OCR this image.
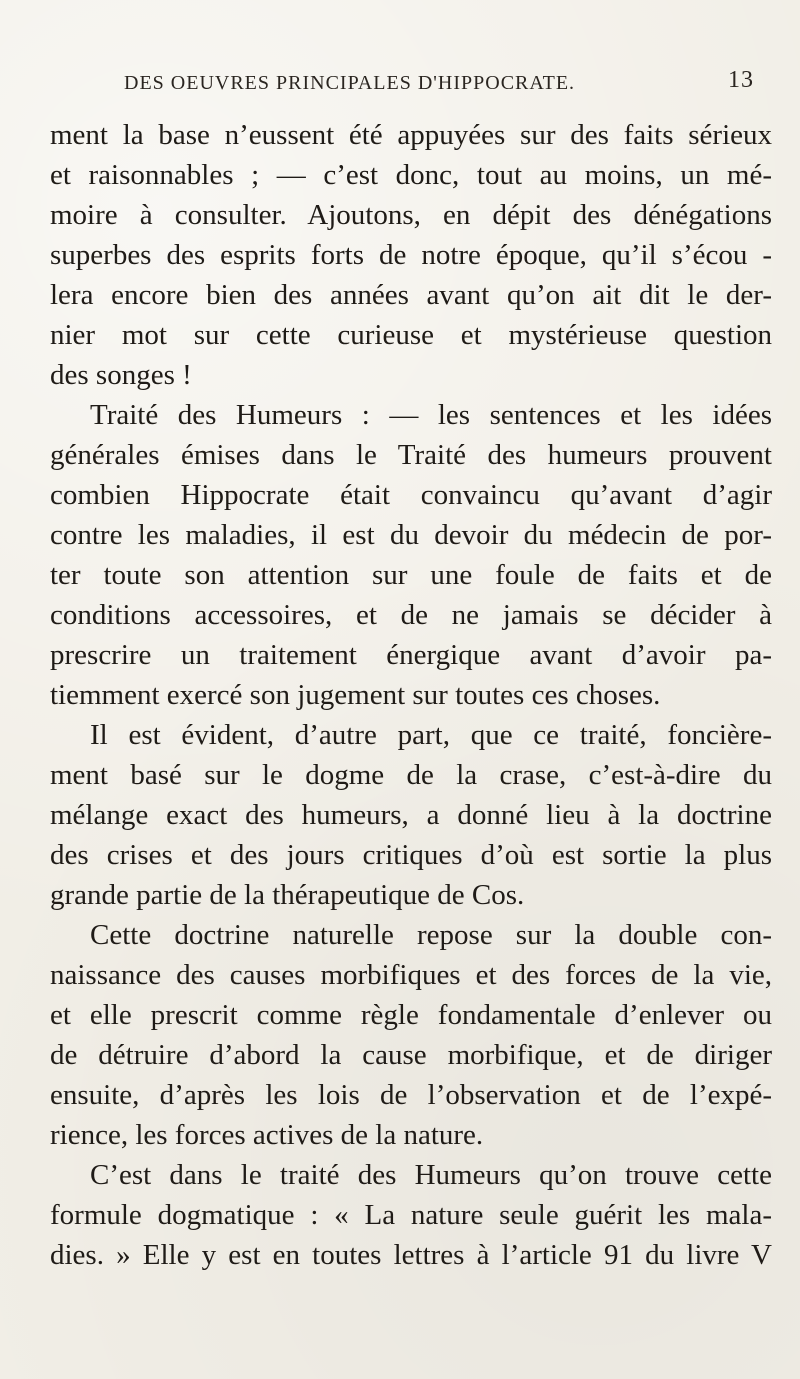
DES OEUVRES PRINCIPALES D'HIPPOCRATE.	13
ment la base n’eussent été appuyées sur des faits sérieux
et raisonnables ; — c’est donc, tout au moins, un mé-
moire à consulter. Ajoutons, en dépit des dénégations
superbes des esprits forts de notre époque, qu’il s’écou -
lera encore bien des années avant qu’on ait dit le der-
nier mot sur cette curieuse et mystérieuse question
des songes !
Traité des Humeurs : — les sentences et les idées
générales émises dans le Traité des humeurs prouvent
combien Hippocrate était convaincu qu’avant d’agir
contre les maladies, il est du devoir du médecin de por-
ter toute son attention sur une foule de faits et de
conditions accessoires, et de ne jamais se décider à
prescrire un traitement énergique avant d’avoir pa-
tiemment exercé son jugement sur toutes ces choses.
Il est évident, d’autre part, que ce traité, foncière-
ment basé sur le dogme de la crase, c’est-à-dire du
mélange exact des humeurs, a donné lieu à la doctrine
des crises et des jours critiques d’où est sortie la plus
grande partie de la thérapeutique de Cos.
Cette doctrine naturelle repose sur la double con-
naissance des causes morbifiques et des forces de la vie,
et elle prescrit comme règle fondamentale d’enlever ou
de détruire d’abord la cause morbifique, et de diriger
ensuite, d’après les lois de l’observation et de l’expé-
rience, les forces actives de la nature.
C’est dans le traité des Humeurs qu’on trouve cette
formule dogmatique : « La nature seule guérit les mala-
dies. » Elle y est en toutes lettres à l’article 91 du livre V
